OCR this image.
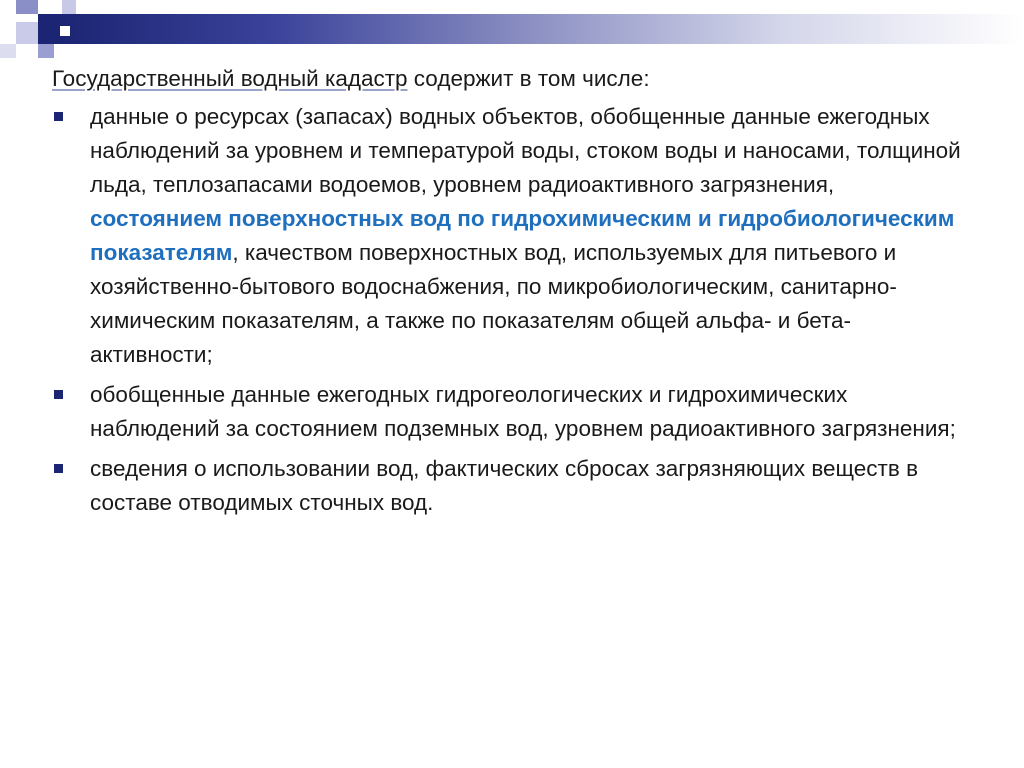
Государственный водный кадастр содержит в том числе:

данные о ресурсах (запасах) водных объектов, обобщенные данные ежегодных наблюдений за уровнем и температурой воды, стоком воды и наносами, толщиной льда, теплозапасами водоемов, уровнем радиоактивного загрязнения, состоянием поверхностных вод по гидрохимическим и гидробиологическим показателям, качеством поверхностных вод, используемых для питьевого и хозяйственно-бытового водоснабжения, по микробиологическим, санитарно-химическим показателям, а также по показателям общей альфа- и бета-активности;
обобщенные данные ежегодных гидрогеологических и гидрохимических наблюдений за состоянием подземных вод, уровнем радиоактивного загрязнения;
сведения о использовании вод, фактических сбросах загрязняющих веществ в составе отводимых сточных вод.
